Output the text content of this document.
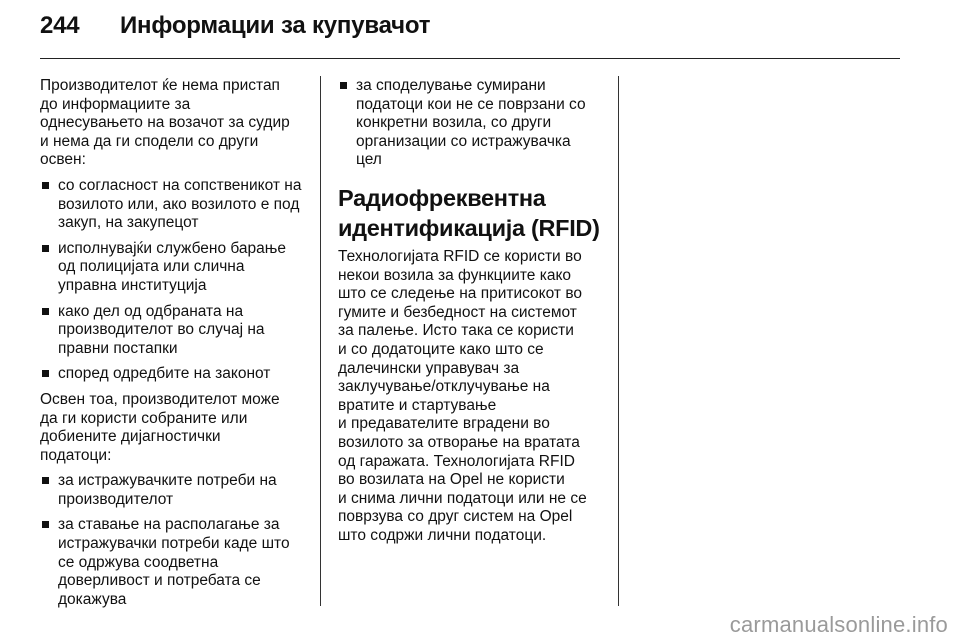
244 Информации за купувачот
Производителот ќе нема пристап
до информациите за
однесувањето на возачот за судир
и нема да ги сподели со други
освен:
со согласност на сопственикот на
возилото или, ако возилото е под
закуп, на закупецот
исполнувајќи службено барање
од полицијата или слична
управна институција
како дел од одбраната на
производителот во случај на
правни постапки
според одредбите на законот
Освен тоа, производителот може
да ги користи собраните или
добиените дијагностички
податоци:
за истражувачките потреби на
производителот
за ставање на располагање за
истражувачки потреби каде што
се одржува соодветна
доверливост и потребата се
докажува
за споделување сумирани
податоци кои не се поврзани со
конкретни возила, со други
организации со истражувачка
цел
Радиофреквентна
идентификација (RFID)
Технологијата RFID се користи во
некои возила за функциите како
што се следење на притисокот во
гумите и безбедност на системот
за палење. Исто така се користи
и со додатоците како што се
далечински управувач за
заклучување/отклучување на
вратите и стартување
и предавателите вградени во
возилото за отворање на вратата
од гаражата. Технологијата RFID
во возилата на Opel не користи
и снима лични податоци или не се
поврзува со друг систем на Opel
што содржи лични податоци.
carmanualsonline.info
